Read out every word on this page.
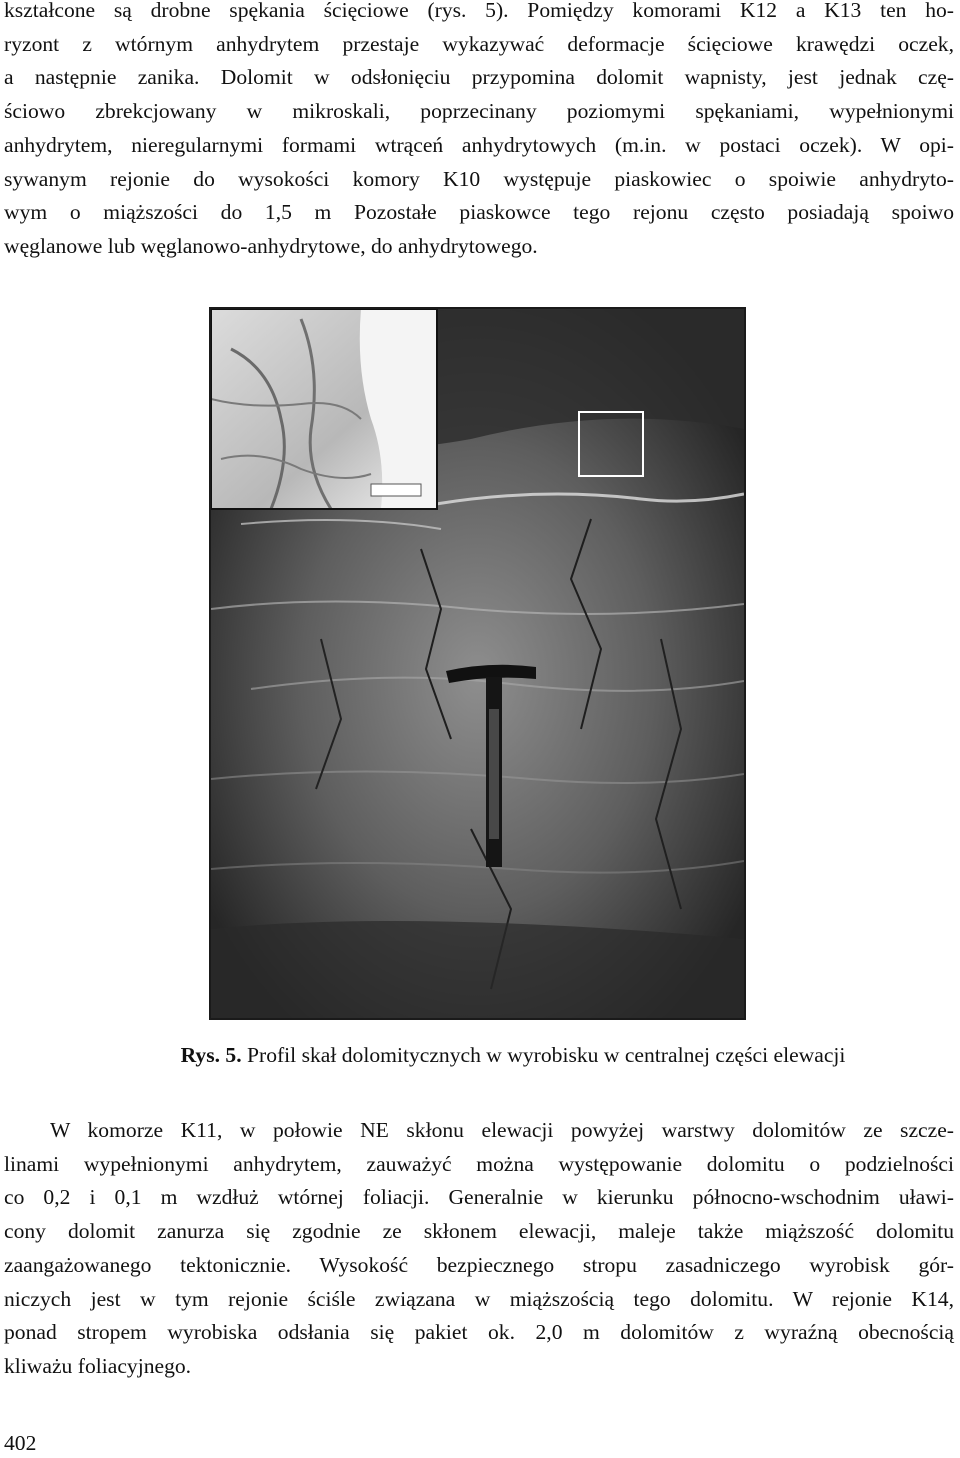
kształcone są drobne spękania ścięciowe (rys. 5). Pomiędzy komorami K12 a K13 ten ho-
ryzont z wtórnym anhydrytem przestaje wykazywać deformacje ścięciowe krawędzi oczek,
a następnie zanika. Dolomit w odsłonięciu przypomina dolomit wapnisty, jest jednak czę-
ściowo zbrekcjowany w mikroskali, poprzecinany poziomymi spękaniami, wypełnionymi
anhydrytem, nieregularnymi formami wtrąceń anhydrytowych (m.in. w postaci oczek). W opi-
sywanym rejonie do wysokości komory K10 występuje piaskowiec o spoiwie anhydryto-
wym o miąższości do 1,5 m Pozostałe piaskowce tego rejonu często posiadają spoiwo
węglanowe lub węglanowo-anhydrytowe, do anhydrytowego.
Rys. 5. Profil skał dolomitycznych w wyrobisku w centralnej części elewacji
W komorze K11, w połowie NE skłonu elewacji powyżej warstwy dolomitów ze szcze-
linami wypełnionymi anhydrytem, zauważyć można występowanie dolomitu o podzielności
co 0,2 i 0,1 m wzdłuż wtórnej foliacji. Generalnie w kierunku północno-wschodnim uławi-
cony dolomit zanurza się zgodnie ze skłonem elewacji, maleje także miąższość dolomitu
zaangażowanego tektonicznie. Wysokość bezpiecznego stropu zasadniczego wyrobisk gór-
niczych jest w tym rejonie ściśle związana w miąższością tego dolomitu. W rejonie K14,
ponad stropem wyrobiska odsłania się pakiet ok. 2,0 m dolomitów z wyraźną obecnością
kliważu foliacyjnego.
402
